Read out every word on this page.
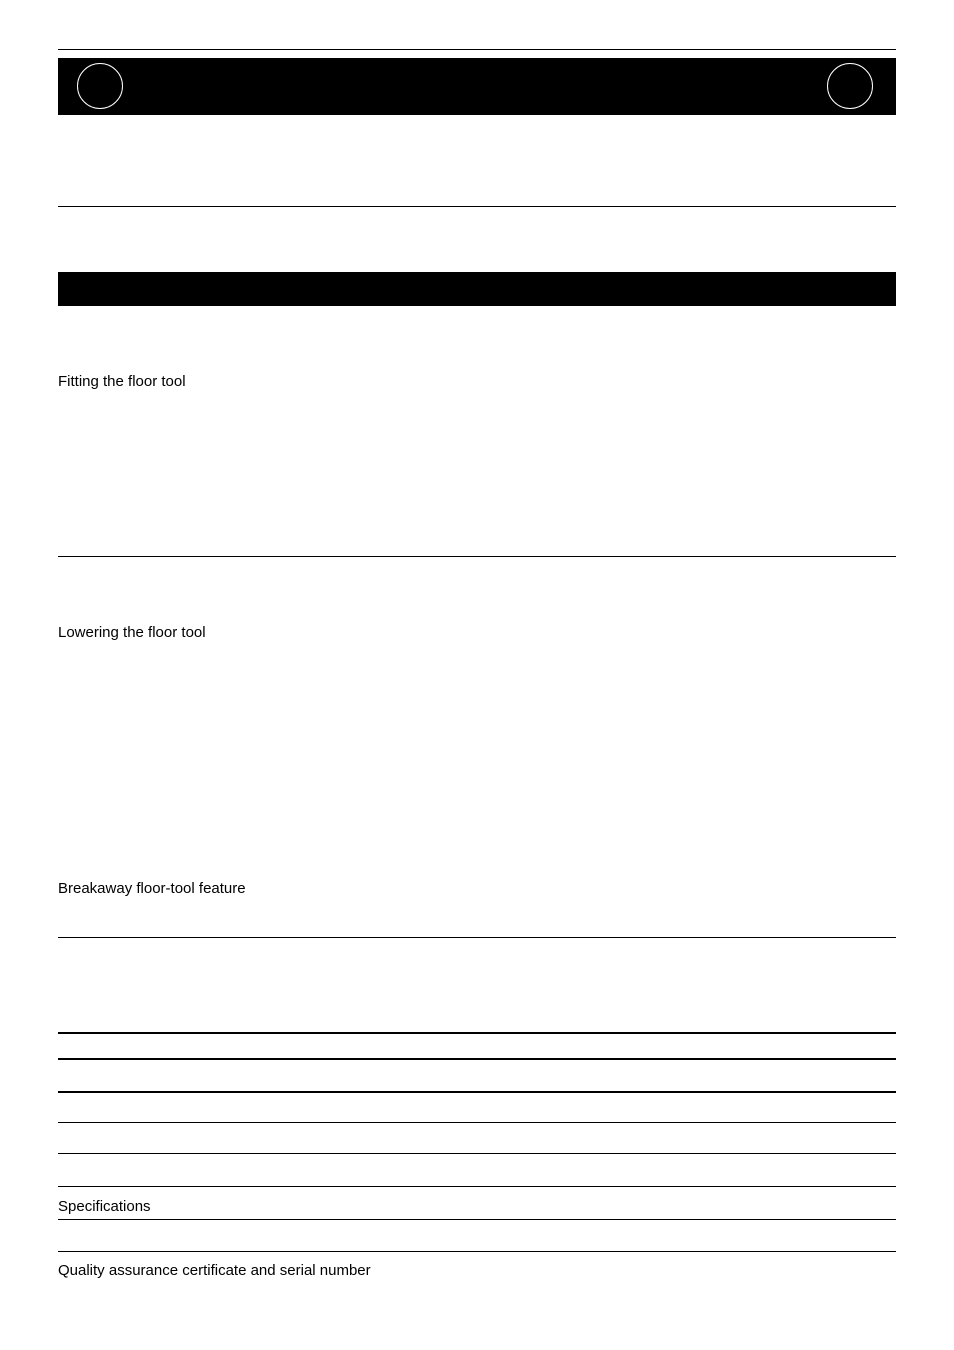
Fitting the floor tool
Lowering the floor tool
Breakaway floor-tool feature
Specifications
Quality assurance certificate and serial number
